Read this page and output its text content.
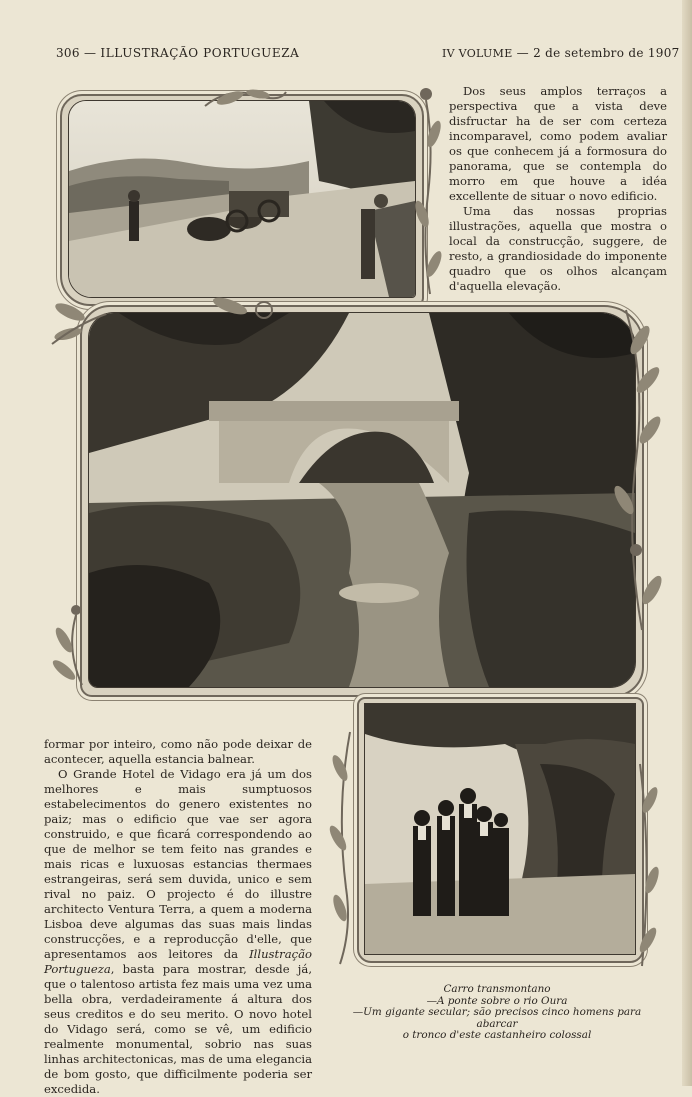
306 — ILLUSTRAÇÃO PORTUGUEZA	IV VOLUME — 2 de setembro de 1907

Dos seus amplos terraços a perspectiva que a vista deve disfructar ha de ser com certeza incomparavel, como podem avaliar os que conhecem já a formosura do panorama, que se contempla do morro em que houve a idéa excellente de situar o novo edificio.

Uma das nossas proprias illustrações, aquella que mostra o local da construcção, suggere, de resto, a grandiosidade do imponente quadro que os olhos alcançam d'aquella elevação.

formar por inteiro, como não pode deixar de acontecer, aquella estancia balnear.

O Grande Hotel de Vidago era já um dos melhores e mais sumptuosos estabelecimentos do genero existentes no paiz; mas o edificio que vae ser agora construido, e que ficará correspondendo ao que de melhor se tem feito nas grandes e mais ricas e luxuosas estancias thermaes estrangeiras, será sem duvida, unico e sem rival no paiz. O projecto é do illustre architecto Ventura Terra, a quem a moderna Lisboa deve algumas das suas mais lindas construcções, e a reproducção d'elle, que apresentamos aos leitores da Illustração Portugueza, basta para mostrar, desde já, que o talentoso artista fez mais uma vez uma bella obra, verdadeiramente á altura dos seus creditos e do seu merito. O novo hotel do Vidago será, como se vê, um edificio realmente monumental, sobrio nas suas linhas architectonicas, mas de uma elegancia de bom gosto, que difficilmente poderia ser excedida.

Carro transmontano
—A ponte sobre o rio Oura
—Um gigante secular; são precisos cinco homens para abarcar
o tronco d'este castanheiro colossal
